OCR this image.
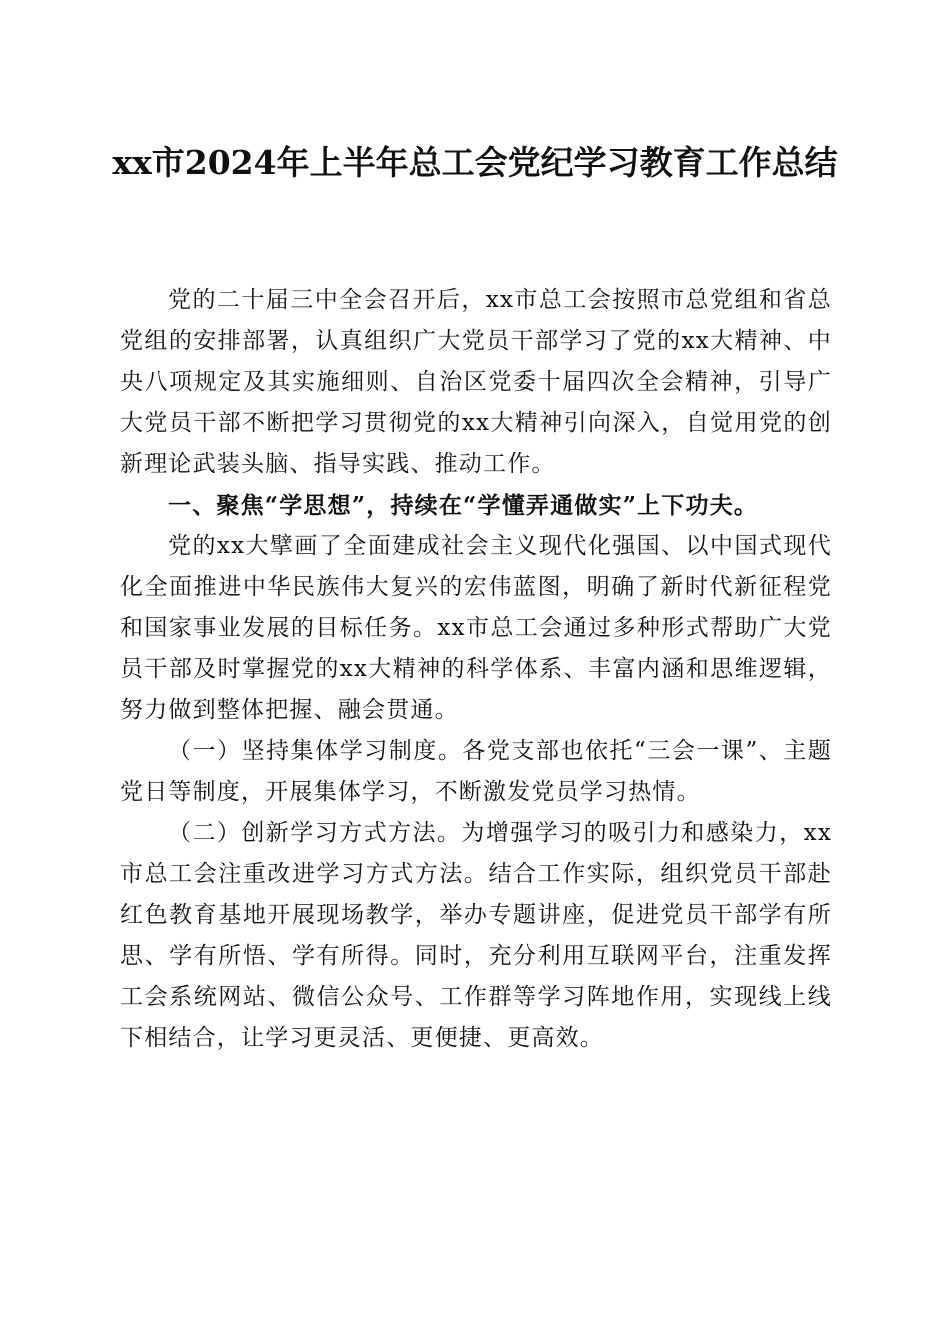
xx市2024年上半年总工会党纪学习教育工作总结

党的二十届三中全会召开后，xx市总工会按照市总党组和省总党组的安排部署，认真组织广大党员干部学习了党的xx大精神、中央八项规定及其实施细则、自治区党委十届四次全会精神，引导广大党员干部不断把学习贯彻党的xx大精神引向深入，自觉用党的创新理论武装头脑、指导实践、推动工作。

一、聚焦“学思想”，持续在“学懂弄通做实”上下功夫。

党的xx大擘画了全面建成社会主义现代化强国、以中国式现代化全面推进中华民族伟大复兴的宏伟蓝图，明确了新时代新征程党和国家事业发展的目标任务。xx市总工会通过多种形式帮助广大党员干部及时掌握党的xx大精神的科学体系、丰富内涵和思维逻辑，努力做到整体把握、融会贯通。

（一）坚持集体学习制度。各党支部也依托“三会一课”、主题党日等制度，开展集体学习，不断激发党员学习热情。

（二）创新学习方式方法。为增强学习的吸引力和感染力，xx市总工会注重改进学习方式方法。结合工作实际，组织党员干部赴红色教育基地开展现场教学，举办专题讲座，促进党员干部学有所思、学有所悟、学有所得。同时，充分利用互联网平台，注重发挥工会系统网站、微信公众号、工作群等学习阵地作用，实现线上线下相结合，让学习更灵活、更便捷、更高效。
